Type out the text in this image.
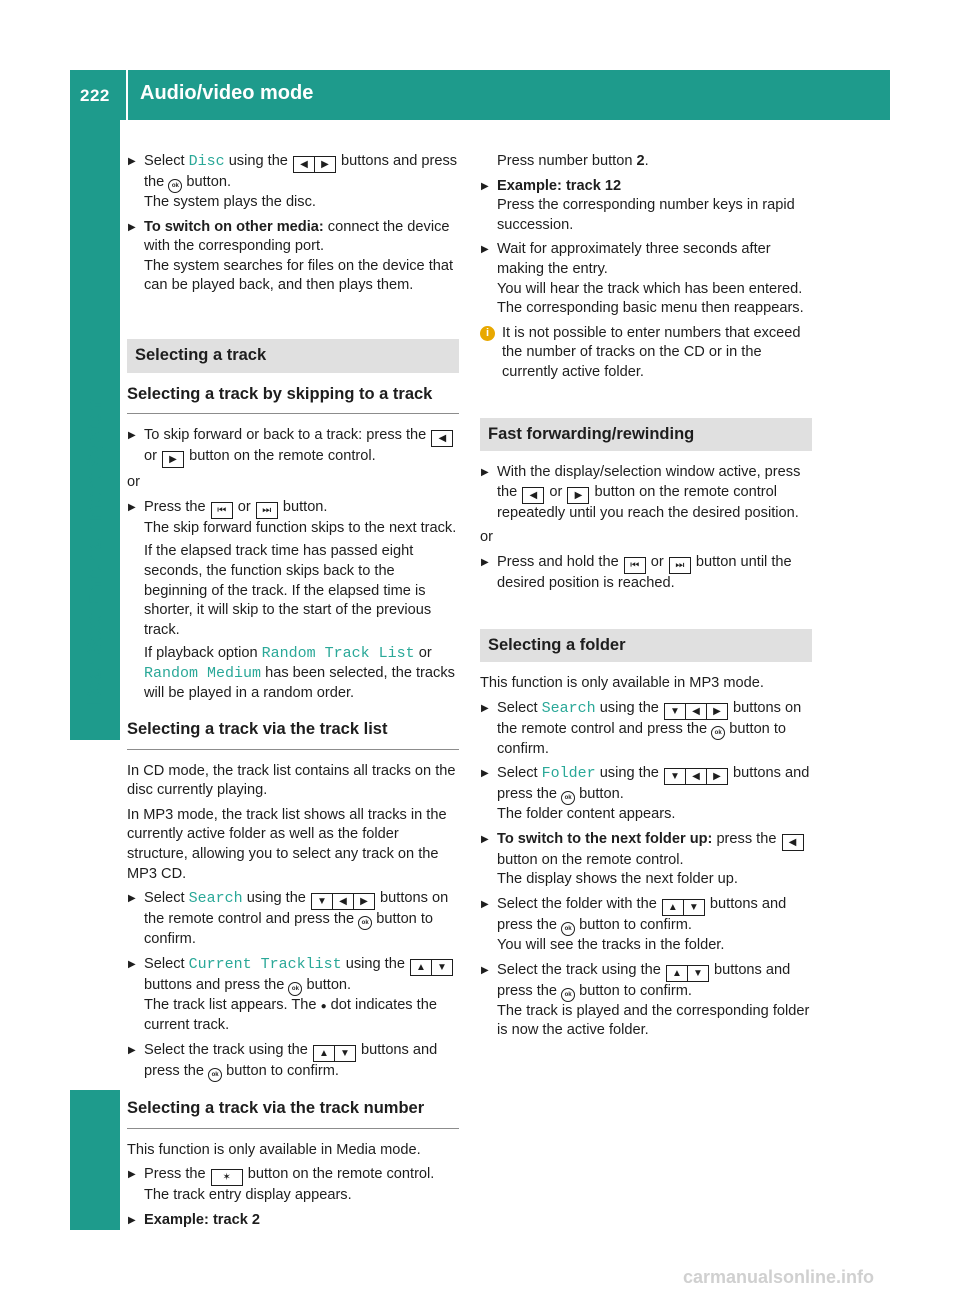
222 Audio/video mode
Rear Seat Entertainment System
▶ Select Disc using the ◀ ▶ buttons and press the ok button.
The system plays the disc.
▶ To switch on other media: connect the device with the corresponding port.
The system searches for files on the device that can be played back, and then plays them.
Selecting a track
Selecting a track by skipping to a track
▶ To skip forward or back to a track: press the ◀ or ▶ button on the remote control.

or

▶ Press the ⏮ or ⏭ button.
The skip forward function skips to the next track.
If the elapsed track time has passed eight seconds, the function skips back to the beginning of the track. If the elapsed time is shorter, it will skip to the start of the previous track.
If playback option Random Track List or Random Medium has been selected, the tracks will be played in a random order.
Selecting a track via the track list

In CD mode, the track list contains all tracks on the disc currently playing.

In MP3 mode, the track list shows all tracks in the currently active folder as well as the folder structure, allowing you to select any track on the MP3 CD.

▶ Select Search using the ▼ ◀ ▶ buttons on the remote control and press the ok button to confirm.
▶ Select Current Tracklist using the ▲ ▼ buttons and press the ok button.
The track list appears. The ● dot indicates the current track.
▶ Select the track using the ▲ ▼ buttons and press the ok button to confirm.
Selecting a track via the track number

This function is only available in Media mode.

▶ Press the ✶ button on the remote control.
The track entry display appears.
▶ Example: track 2

Press number button 2.

▶ Example: track 12
Press the corresponding number keys in rapid succession.
▶ Wait for approximately three seconds after making the entry.
You will hear the track which has been entered. The corresponding basic menu then reappears.
i It is not possible to enter numbers that exceed the number of tracks on the CD or in the currently active folder.
Fast forwarding/rewinding
▶ With the display/selection window active, press the ◀ or ▶ button on the remote control repeatedly until you reach the desired position.

or

▶ Press and hold the ⏮ or ⏭ button until the desired position is reached.
Selecting a folder

This function is only available in MP3 mode.

▶ Select Search using the ▼ ◀ ▶ buttons on the remote control and press the ok button to confirm.
▶ Select Folder using the ▼ ◀ ▶ buttons and press the ok button.
The folder content appears.
▶ To switch to the next folder up: press the ◀ button on the remote control.
The display shows the next folder up.
▶ Select the folder with the ▲ ▼ buttons and press the ok button to confirm.
You will see the tracks in the folder.
▶ Select the track using the ▲ ▼ buttons and press the ok button to confirm.
The track is played and the corresponding folder is now the active folder.
carmanualsonline.info
